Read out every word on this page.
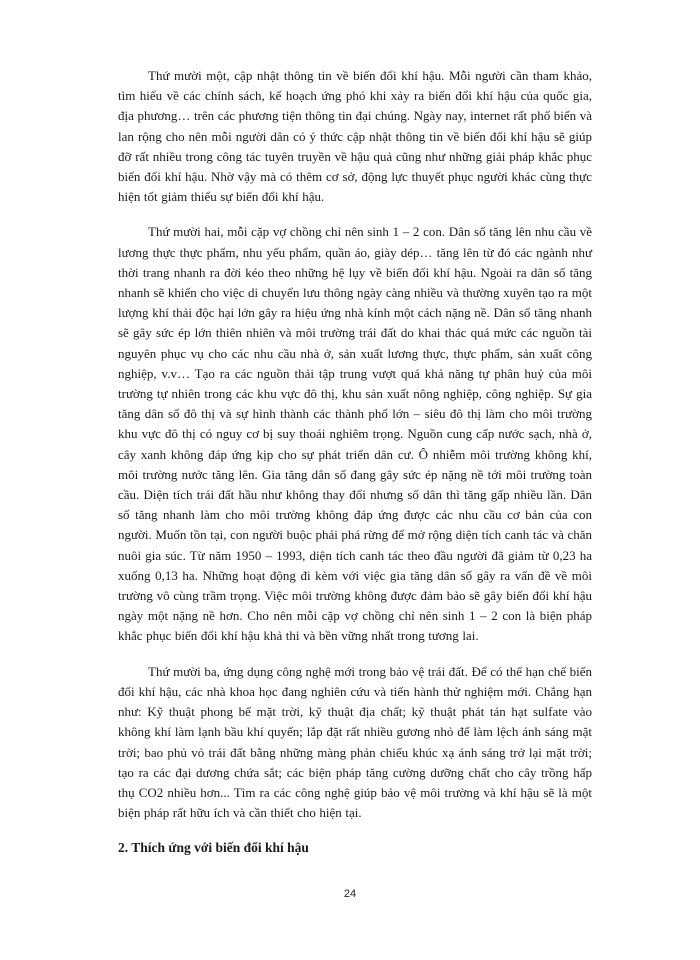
Thứ mười một, cập nhật thông tin về biến đổi khí hậu. Mỗi người cần tham khảo, tìm hiểu về các chính sách, kế hoạch ứng phó khi xảy ra biến đổi khí hậu của quốc gia, địa phương… trên các phương tiện thông tin đại chúng. Ngày nay, internet rất phổ biến và lan rộng cho nên mỗi người dân có ý thức cập nhật thông tin về biến đổi khí hậu sẽ giúp đỡ rất nhiều trong công tác tuyên truyền về hậu quả cũng như những giải pháp khắc phục biến đổi khí hậu. Nhờ vậy mà có thêm cơ sở, động lực thuyết phục người khác cùng thực hiện tốt giảm thiểu sự biến đổi khí hậu.

Thứ mười hai, mỗi cặp vợ chồng chỉ nên sinh 1 – 2 con. Dân số tăng lên nhu cầu về lương thực thực phẩm, nhu yếu phẩm, quần áo, giày dép… tăng lên từ đó các ngành như thời trang nhanh ra đời kéo theo những hệ lụy về biến đổi khí hậu. Ngoài ra dân số tăng nhanh sẽ khiến cho việc di chuyển lưu thông ngày càng nhiều và thường xuyên tạo ra một lượng khí thải độc hại lớn gây ra hiệu ứng nhà kính một cách nặng nề. Dân số tăng nhanh sẽ gây sức ép lớn thiên nhiên và môi trường trái đất do khai thác quá mức các nguồn tài nguyên phục vụ cho các nhu cầu nhà ở, sản xuất lương thực, thực phẩm, sản xuất công nghiệp, v.v… Tạo ra các nguồn thải tập trung vượt quá khả năng tự phân huỷ của môi trường tự nhiên trong các khu vực đô thị, khu sản xuất nông nghiệp, công nghiệp. Sự gia tăng dân số đô thị và sự hình thành các thành phố lớn – siêu đô thị làm cho môi trường khu vực đô thị có nguy cơ bị suy thoái nghiêm trọng. Nguồn cung cấp nước sạch, nhà ở, cây xanh không đáp ứng kịp cho sự phát triển dân cư. Ô nhiễm môi trường không khí, môi trường nước tăng lên. Gia tăng dân số đang gây sức ép nặng nề tới môi trường toàn cầu. Diện tích trái đất hầu như không thay đổi nhưng số dân thì tăng gấp nhiều lần. Dân số tăng nhanh làm cho môi trường không đáp ứng được các nhu cầu cơ bản của con người. Muốn tồn tại, con người buộc phải phá rừng để mở rộng diện tích canh tác và chăn nuôi gia súc. Từ năm 1950 – 1993, diện tích canh tác theo đầu người đã giảm từ 0,23 ha xuống 0,13 ha. Những hoạt động đi kèm với việc gia tăng dân số gây ra vấn đề về môi trường vô cùng trầm trọng. Việc môi trường không được đảm bảo sẽ gây biến đổi khí hậu ngày một nặng nề hơn. Cho nên mỗi cặp vợ chồng chỉ nên sinh 1 – 2 con là biện pháp khắc phục biến đổi khí hậu khả thi và bền vững nhất trong tương lai.

Thứ mười ba, ứng dụng công nghệ mới trong bảo vệ trái đất. Để có thể hạn chế biến đổi khí hậu, các nhà khoa học đang nghiên cứu và tiến hành thử nghiệm mới. Chẳng hạn như: Kỹ thuật phong bế mặt trời, kỹ thuật địa chất; kỹ thuật phát tán hạt sulfate vào không khí làm lạnh bầu khí quyển; lắp đặt rất nhiều gương nhỏ để làm lệch ánh sáng mặt trời; bao phủ vỏ trái đất bằng những màng phản chiếu khúc xạ ánh sáng trở lại mặt trời; tạo ra các đại dương chứa sắt; các biện pháp tăng cường dưỡng chất cho cây trồng hấp thụ CO2 nhiều hơn... Tìm ra các công nghệ giúp bảo vệ môi trường và khí hậu sẽ là một biện pháp rất hữu ích và cần thiết cho hiện tại.

2. Thích ứng với biến đổi khí hậu
24
